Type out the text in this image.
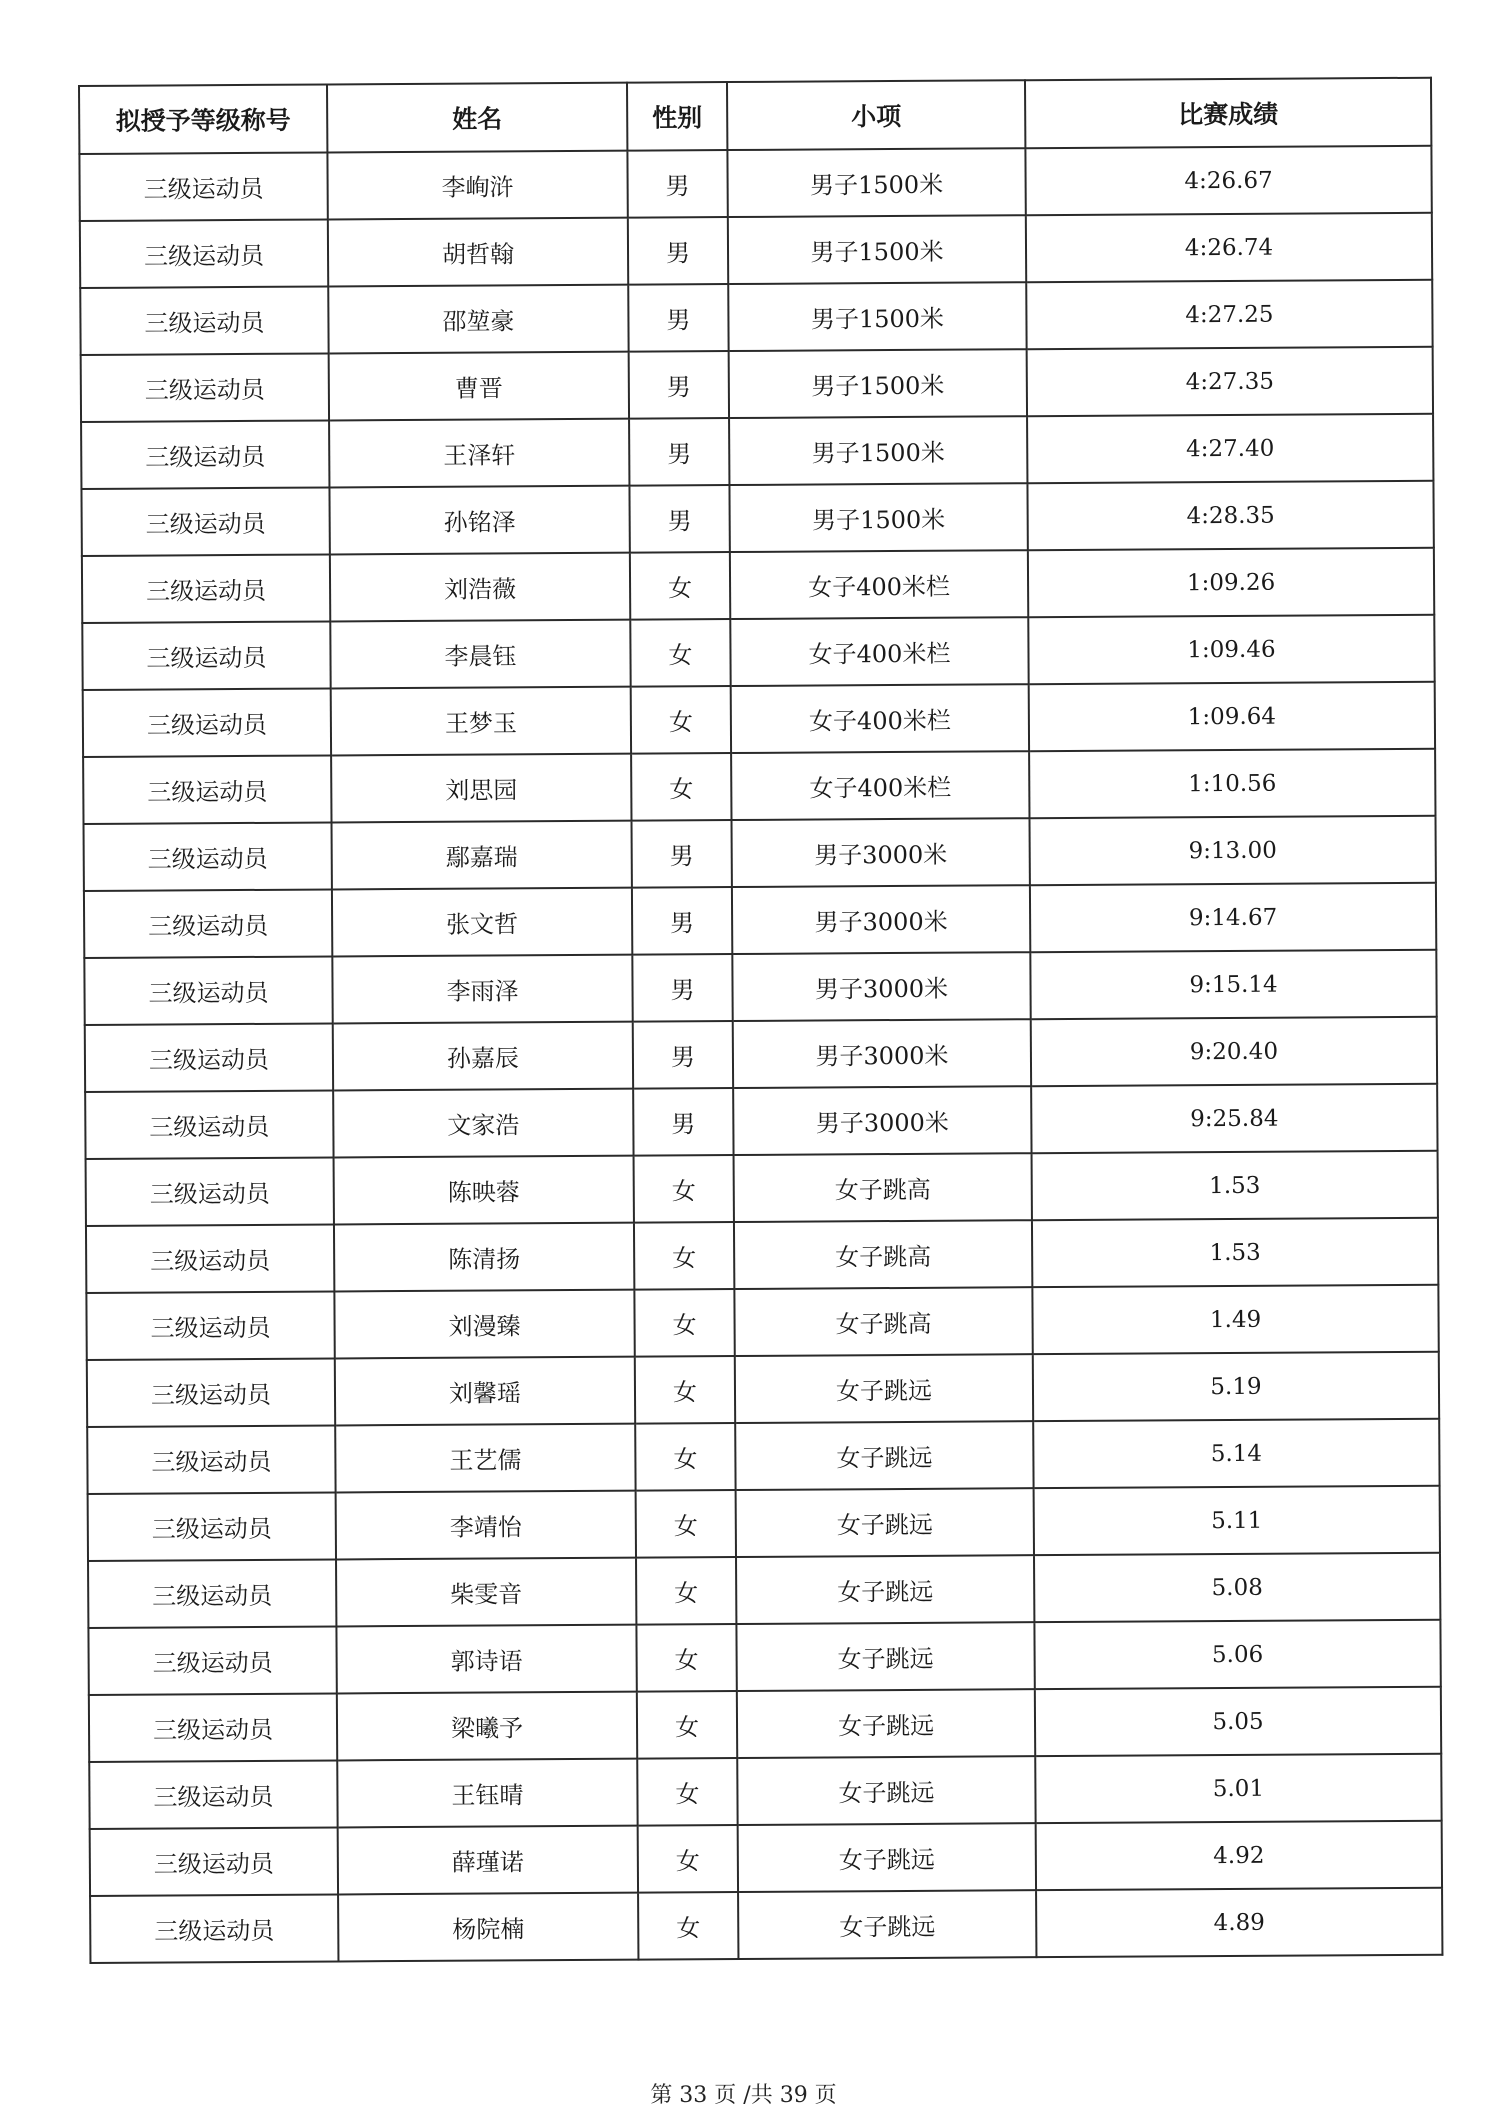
拟授予等级称号	姓名	性别	小项	比赛成绩
三级运动员	李峋浒	男	男子1500米	4:26.67
三级运动员	胡哲翰	男	男子1500米	4:26.74
三级运动员	邵堃豪	男	男子1500米	4:27.25
三级运动员	曹晋	男	男子1500米	4:27.35
三级运动员	王泽轩	男	男子1500米	4:27.40
三级运动员	孙铭泽	男	男子1500米	4:28.35
三级运动员	刘浩薇	女	女子400米栏	1:09.26
三级运动员	李晨钰	女	女子400米栏	1:09.46
三级运动员	王梦玉	女	女子400米栏	1:09.64
三级运动员	刘思园	女	女子400米栏	1:10.56
三级运动员	鄢嘉瑞	男	男子3000米	9:13.00
三级运动员	张文哲	男	男子3000米	9:14.67
三级运动员	李雨泽	男	男子3000米	9:15.14
三级运动员	孙嘉辰	男	男子3000米	9:20.40
三级运动员	文家浩	男	男子3000米	9:25.84
三级运动员	陈映蓉	女	女子跳高	1.53
三级运动员	陈清扬	女	女子跳高	1.53
三级运动员	刘漫臻	女	女子跳高	1.49
三级运动员	刘馨瑶	女	女子跳远	5.19
三级运动员	王艺儒	女	女子跳远	5.14
三级运动员	李靖怡	女	女子跳远	5.11
三级运动员	柴雯音	女	女子跳远	5.08
三级运动员	郭诗语	女	女子跳远	5.06
三级运动员	梁曦予	女	女子跳远	5.05
三级运动员	王钰晴	女	女子跳远	5.01
三级运动员	薛瑾诺	女	女子跳远	4.92
三级运动员	杨院楠	女	女子跳远	4.89
第 33 页 /共 39 页
